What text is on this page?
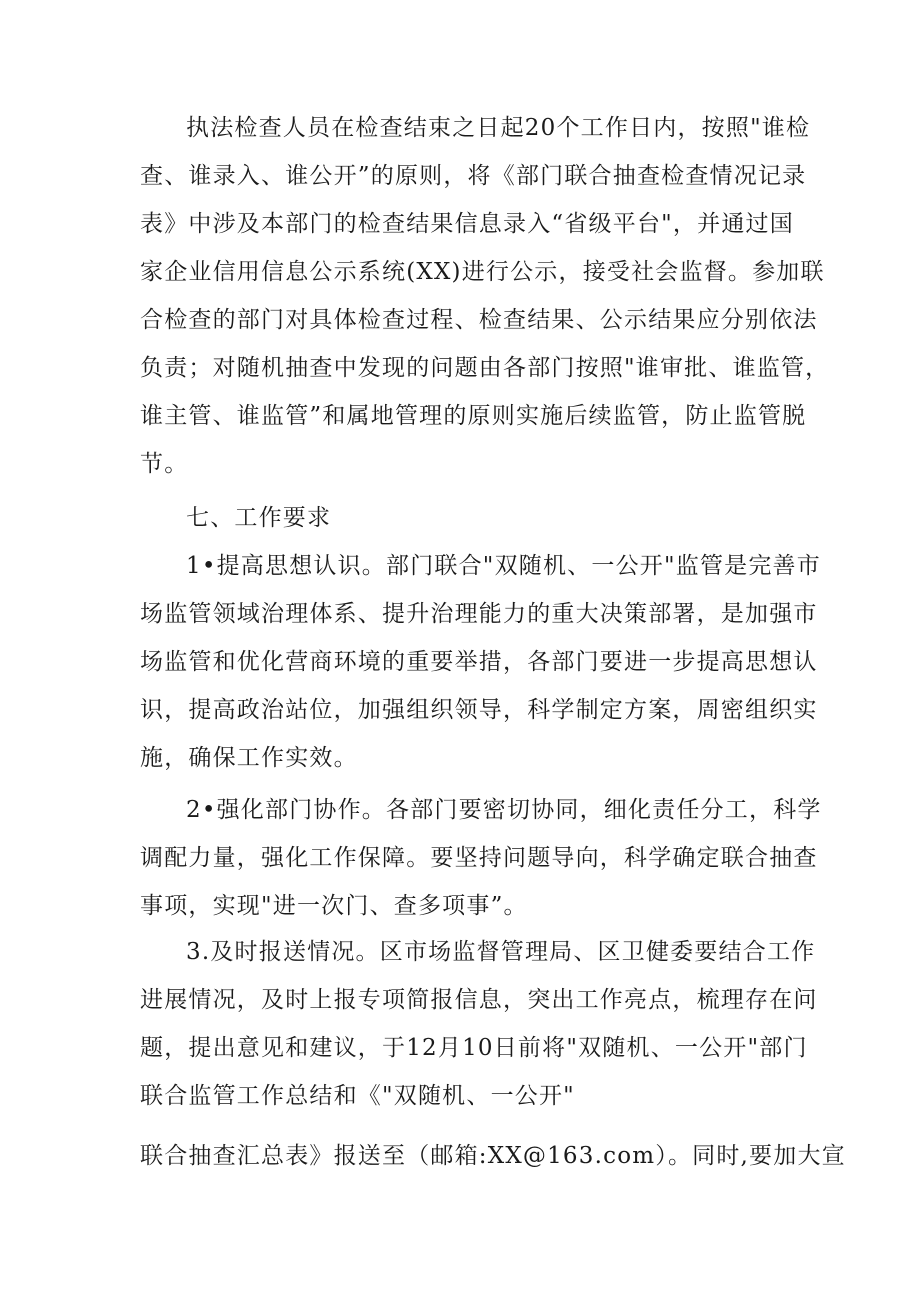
执法检查人员在检查结束之日起20个工作日内，按照"谁检
查、谁录入、谁公开”的原则，将《部门联合抽查检查情况记录
表》中涉及本部门的检查结果信息录入“省级平台"，并通过国
家企业信用信息公示系统(XX)进行公示，接受社会监督。参加联
合检查的部门对具体检查过程、检查结果、公示结果应分别依法
负责；对随机抽查中发现的问题由各部门按照"谁审批、谁监管，
谁主管、谁监管”和属地管理的原则实施后续监管，防止监管脱
节。
七、工作要求
1•提高思想认识。部门联合"双随机、一公开"监管是完善市
场监管领域治理体系、提升治理能力的重大决策部署，是加强市
场监管和优化营商环境的重要举措，各部门要进一步提高思想认
识，提高政治站位，加强组织领导，科学制定方案，周密组织实
施，确保工作实效。
2•强化部门协作。各部门要密切协同，细化责任分工，科学
调配力量，强化工作保障。要坚持问题导向，科学确定联合抽查
事项，实现"进一次门、查多项事”。
3.及时报送情况。区市场监督管理局、区卫健委要结合工作
进展情况，及时上报专项简报信息，突出工作亮点，梳理存在问
题，提出意见和建议，于12月10日前将"双随机、一公开"部门
联合监管工作总结和《"双随机、一公开"
联合抽查汇总表》报送至（邮箱:XX@163.com）。同时,要加大宣
